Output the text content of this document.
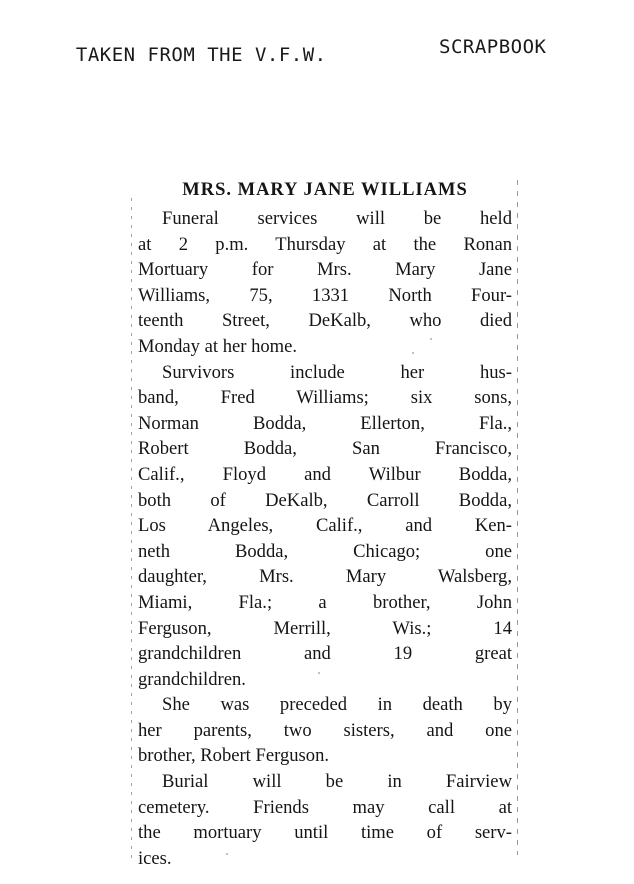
TAKEN FROM THE V.F.W.
	SCRAPBOOK

MRS. MARY JANE WILLIAMS

Funeral services will be held

at 2 p.m. Thursday at the Ronan

Mortuary for Mrs. Mary Jane

Williams, 75, 1331 North Four-

teenth Street, DeKalb, who died

Monday at her home.

Survivors include her hus-

band, Fred Williams; six sons,

Norman Bodda, Ellerton, Fla.,

Robert Bodda, San Francisco,

Calif., Floyd and Wilbur Bodda,

both of DeKalb, Carroll Bodda,

Los Angeles, Calif., and Ken-

neth Bodda, Chicago; one

daughter, Mrs. Mary Walsberg,

Miami, Fla.; a brother, John

Ferguson, Merrill, Wis.; 14

grandchildren and 19 great

grandchildren.

She was preceded in death by

her parents, two sisters, and one

brother, Robert Ferguson.

Burial will be in Fairview

cemetery. Friends may call at

the mortuary until time of serv-

ices.
